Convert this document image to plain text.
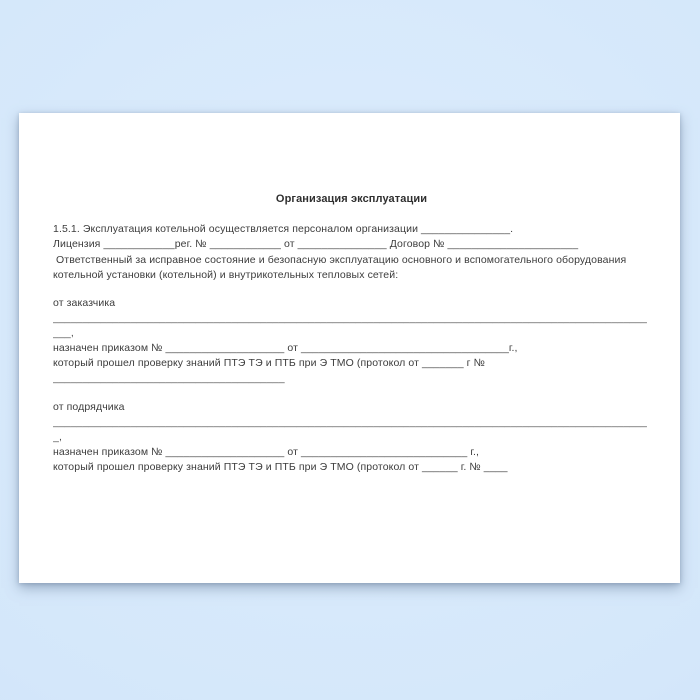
Организация эксплуатации
1.5.1. Эксплуатация котельной осуществляется персоналом организации _______________.
Лицензия ____________рег. № ____________ от _______________ Договор № ______________________
Ответственный за исправное состояние и безопасную эксплуатацию основного и вспомогательного оборудования
котельной установки (котельной) и внутрикотельных тепловых сетей:
от заказчика
____________________________________________________________________________________________________
___,
назначен приказом № ____________________ от ___________________________________г.,
который прошел проверку знаний ПТЭ ТЭ и ПТБ при Э ТМО (протокол от _______ г №
_______________________________________
от подрядчика
____________________________________________________________________________________________________
_,
назначен приказом № ____________________ от ____________________________ г.,
который прошел проверку знаний ПТЭ ТЭ и ПТБ при Э ТМО (протокол от ______ г. № ____
